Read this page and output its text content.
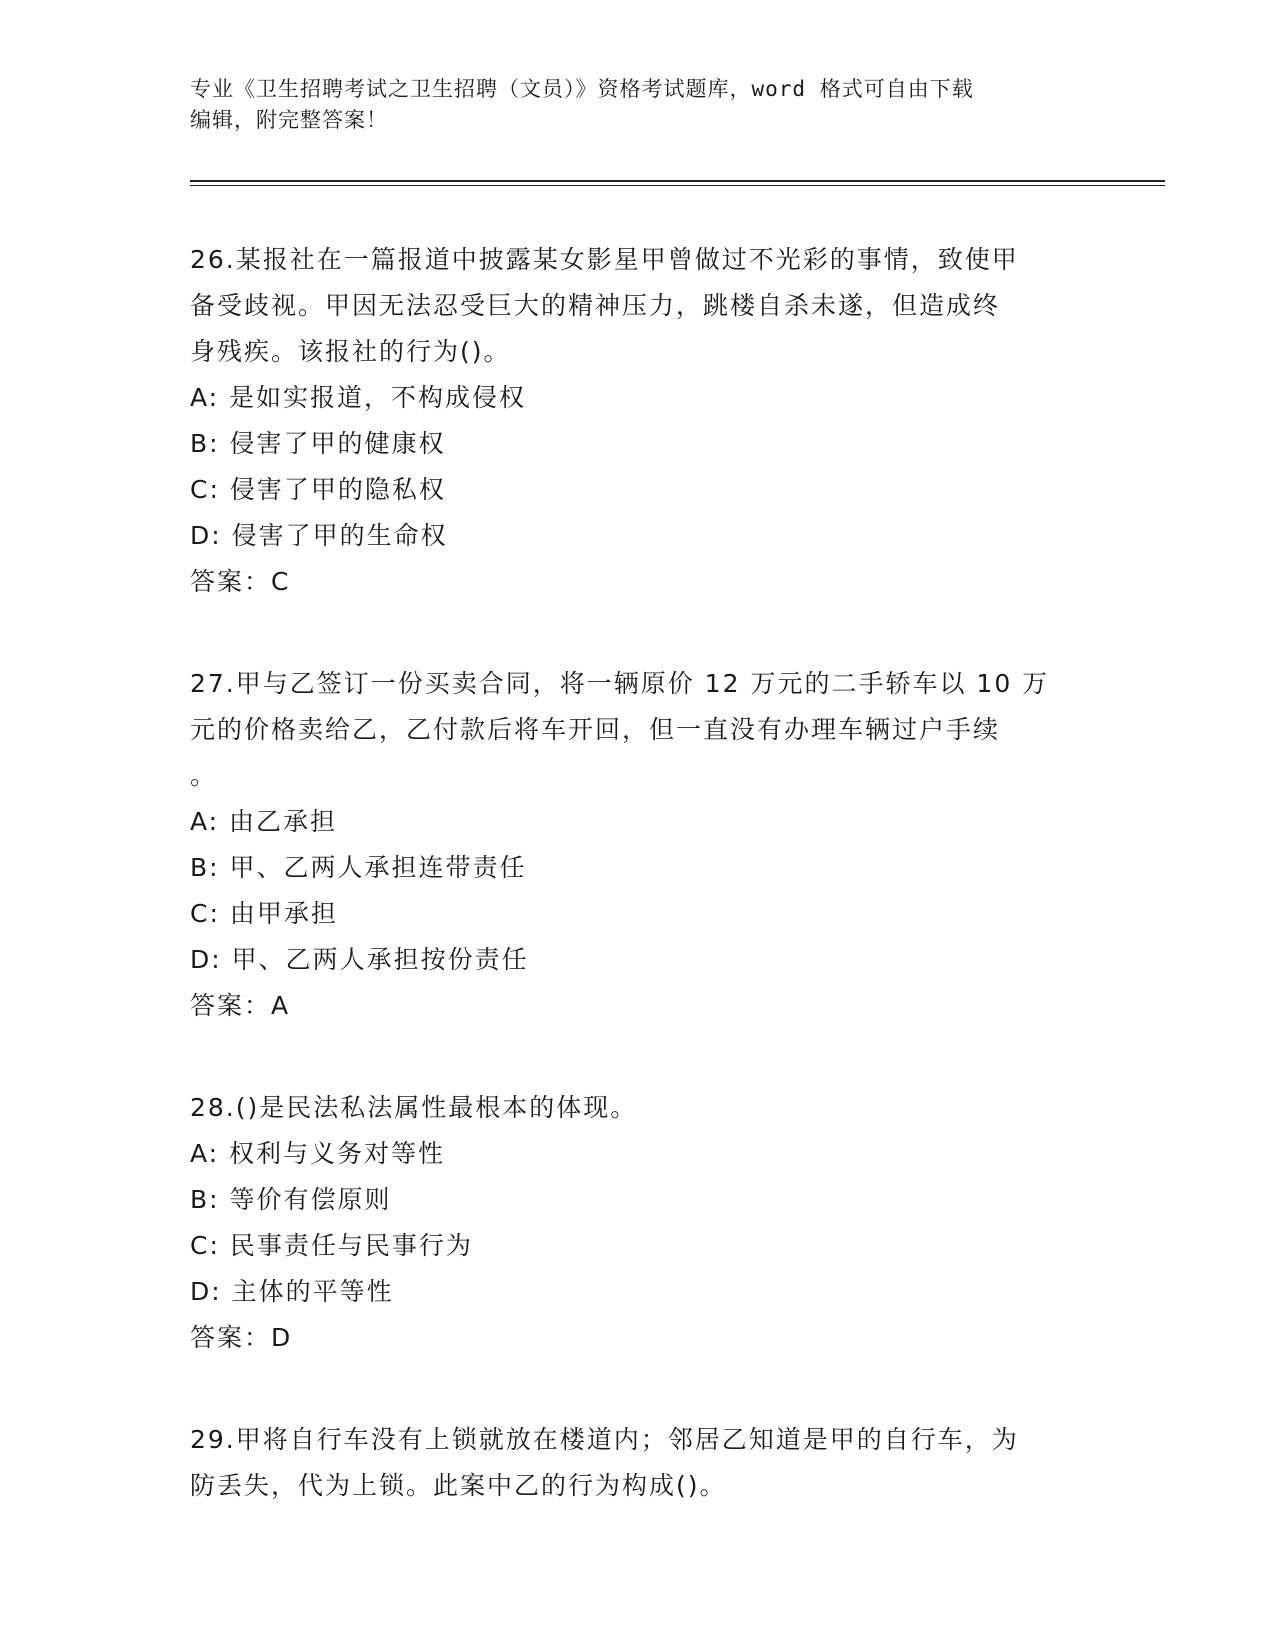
专业《卫生招聘考试之卫生招聘（文员）》资格考试题库，word 格式可自由下载
编辑，附完整答案！
26.某报社在一篇报道中披露某女影星甲曾做过不光彩的事情，致使甲
备受歧视。甲因无法忍受巨大的精神压力，跳楼自杀未遂，但造成终
身残疾。该报社的行为()。
A: 是如实报道，不构成侵权
B: 侵害了甲的健康权
C: 侵害了甲的隐私权
D: 侵害了甲的生命权
答案：C
27.甲与乙签订一份买卖合同，将一辆原价 12 万元的二手轿车以 10 万
元的价格卖给乙，乙付款后将车开回，但一直没有办理车辆过户手续
。
A: 由乙承担
B: 甲、乙两人承担连带责任
C: 由甲承担
D: 甲、乙两人承担按份责任
答案：A
28.()是民法私法属性最根本的体现。
A: 权利与义务对等性
B: 等价有偿原则
C: 民事责任与民事行为
D: 主体的平等性
答案：D
29.甲将自行车没有上锁就放在楼道内；邻居乙知道是甲的自行车，为
防丢失，代为上锁。此案中乙的行为构成()。
